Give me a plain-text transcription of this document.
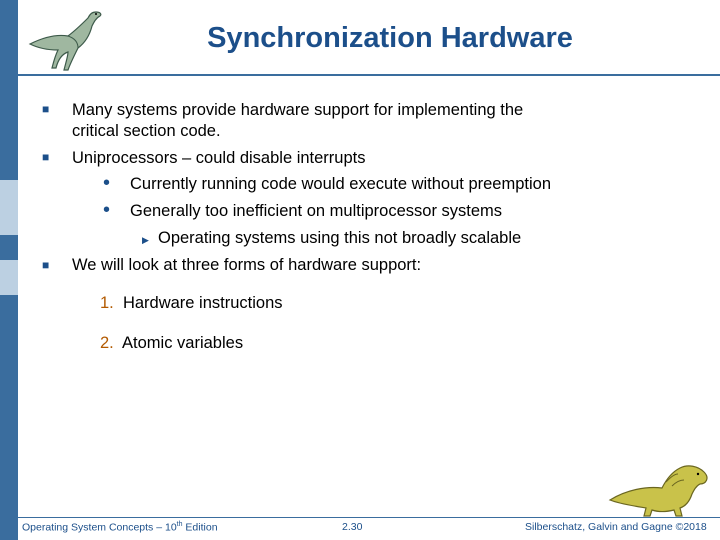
Synchronization Hardware
■ Many systems provide hardware support for implementing the
critical section code.
■ Uniprocessors – could disable interrupts
• Currently running code would execute without preemption
• Generally too inefficient on multiprocessor systems
▶ Operating systems using this not broadly scalable
■ We will look at three forms of hardware support:
1. Hardware instructions
2. Atomic variables
Operating System Concepts – 10th Edition	2.30	Silberschatz, Galvin and Gagne ©2018
